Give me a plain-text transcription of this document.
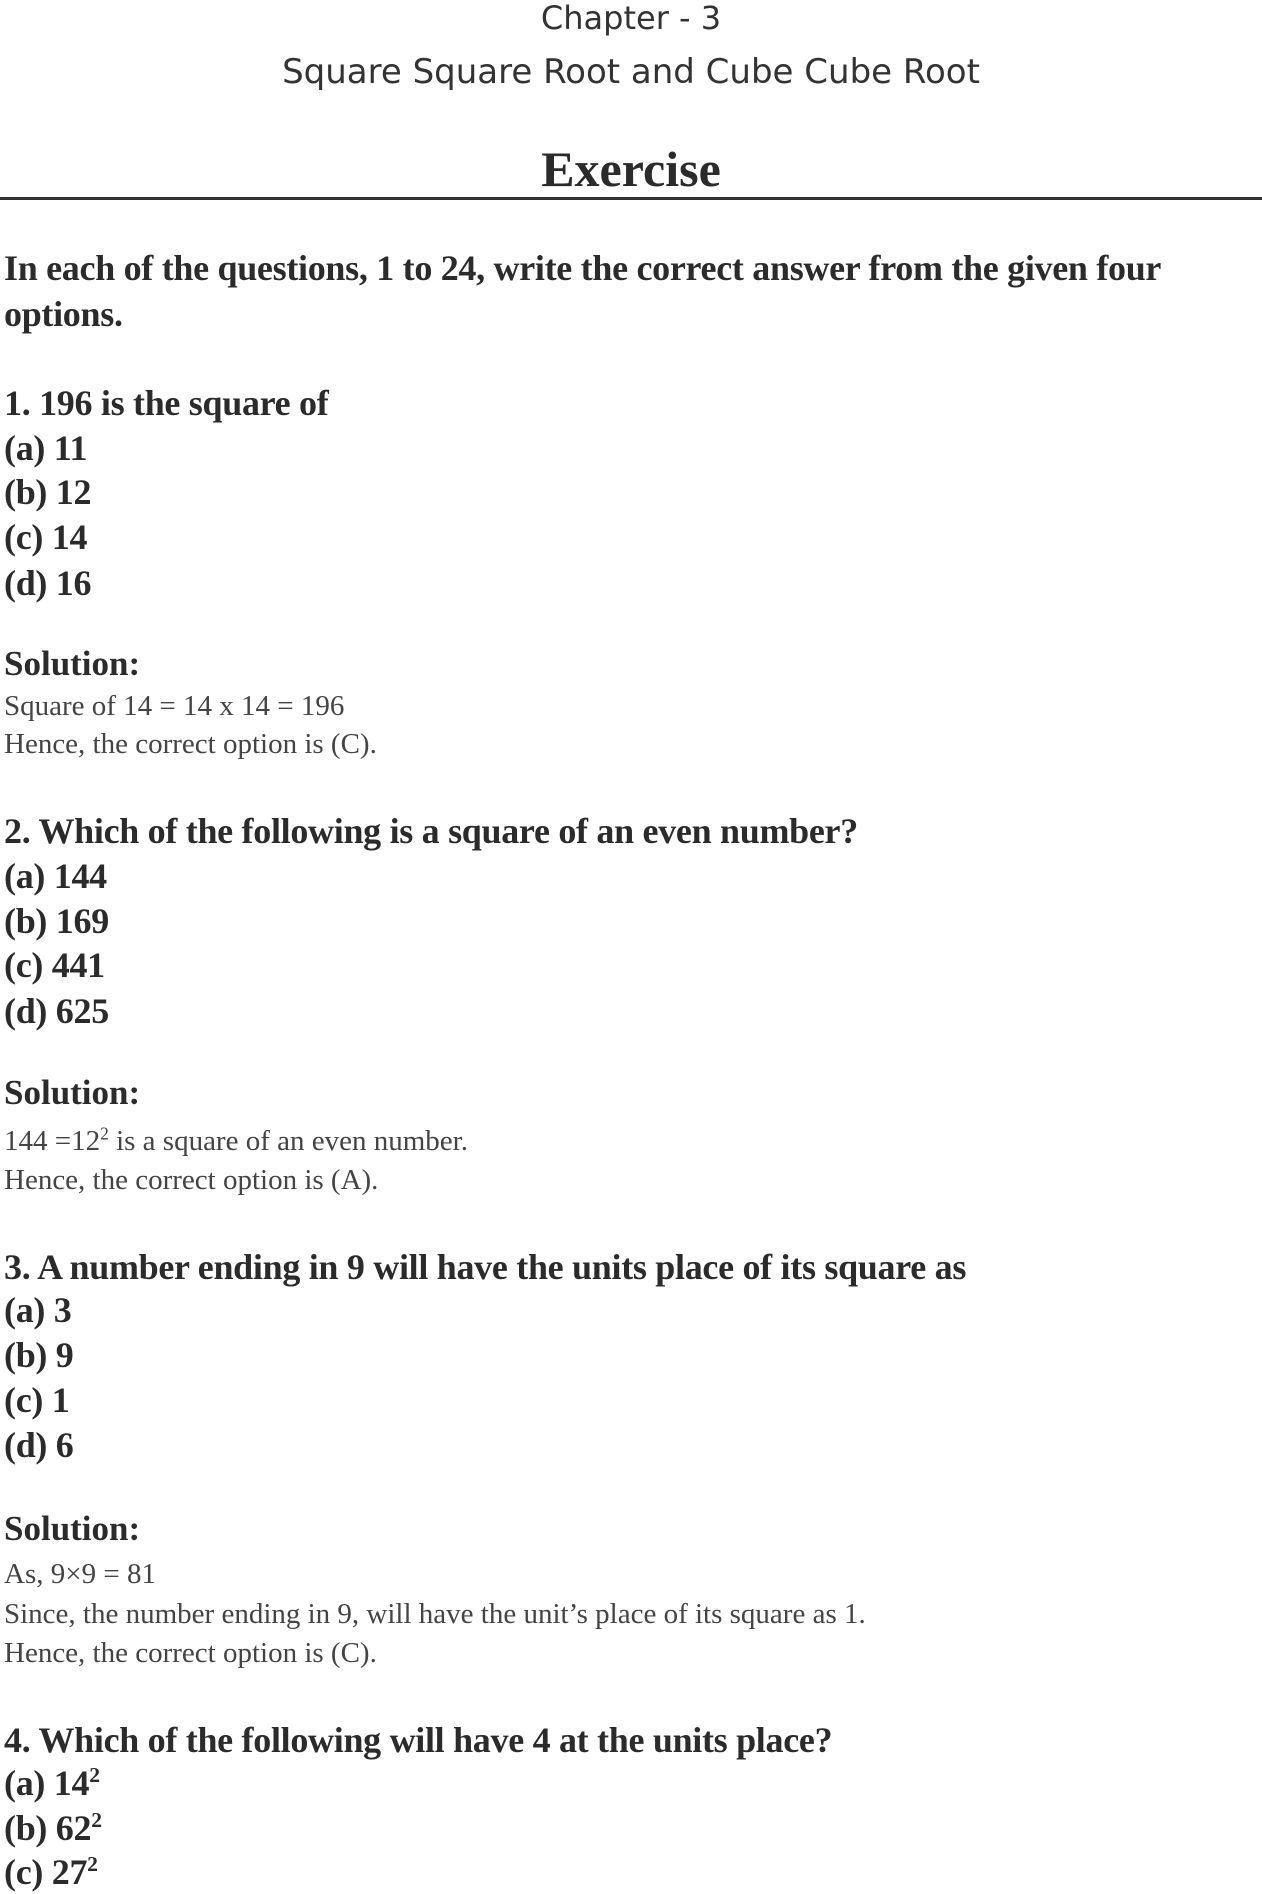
Chapter - 3
Square Square Root and Cube Cube Root
Exercise
In each of the questions, 1 to 24, write the correct answer from the given four
options.
1. 196 is the square of
(a) 11
(b) 12
(c) 14
(d) 16
Solution:
Square of 14 = 14 x 14 = 196
Hence, the correct option is (C).
2. Which of the following is a square of an even number?
(a) 144
(b) 169
(c) 441
(d) 625
Solution:
$144 =12^2$ is a square of an even number.
Hence, the correct option is (A).
3. A number ending in 9 will have the units place of its square as
(a) 3
(b) 9
(c) 1
(d) 6
Solution:
As, 9×9 = 81
Since, the number ending in 9, will have the unit’s place of its square as 1.
Hence, the correct option is (C).
4. Which of the following will have 4 at the units place?
(a) $14^2$
(b) $62^2$
(c) $27^2$
